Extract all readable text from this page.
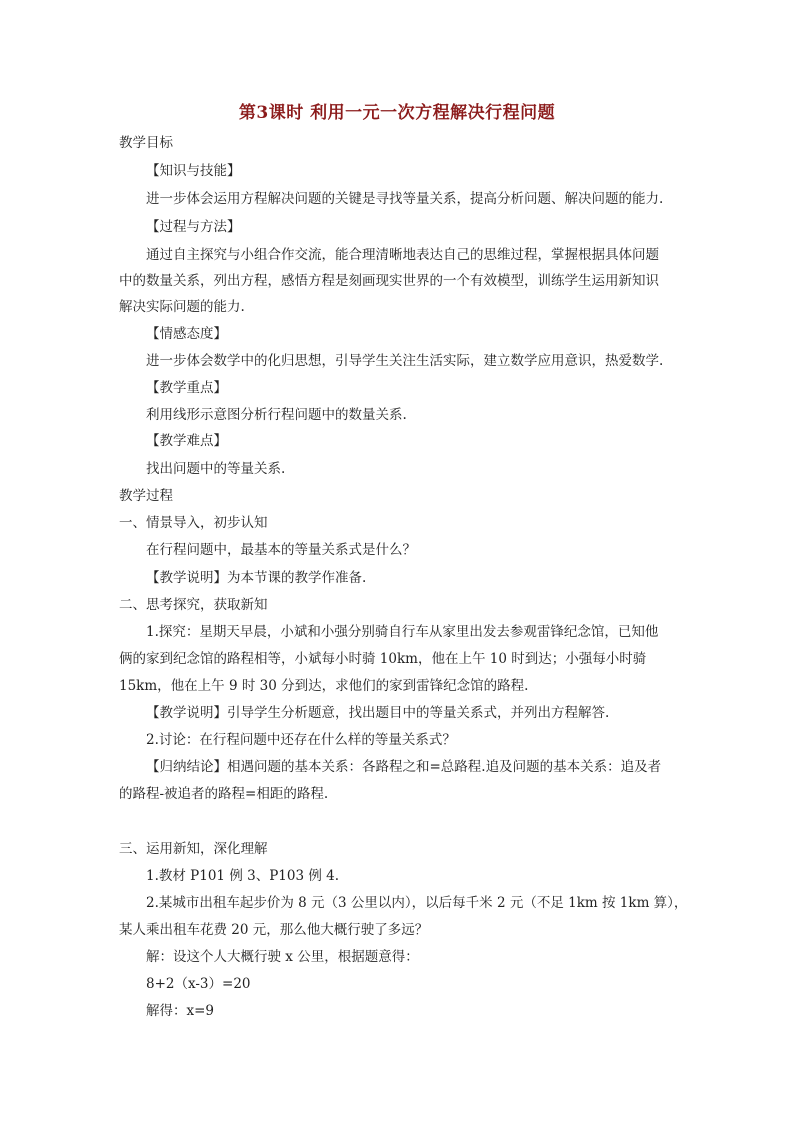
第3课时 利用一元一次方程解决行程问题
教学目标
【知识与技能】
进一步体会运用方程解决问题的关键是寻找等量关系，提高分析问题、解决问题的能力.
【过程与方法】
通过自主探究与小组合作交流，能合理清晰地表达自己的思维过程，掌握根据具体问题
中的数量关系，列出方程，感悟方程是刻画现实世界的一个有效模型，训练学生运用新知识
解决实际问题的能力.
【情感态度】
进一步体会数学中的化归思想，引导学生关注生活实际，建立数学应用意识，热爱数学.
【教学重点】
利用线形示意图分析行程问题中的数量关系.
【教学难点】
找出问题中的等量关系.
教学过程
一、情景导入，初步认知
在行程问题中，最基本的等量关系式是什么？
【教学说明】为本节课的教学作准备.
二、思考探究，获取新知
1.探究：星期天早晨，小斌和小强分别骑自行车从家里出发去参观雷锋纪念馆，已知他
俩的家到纪念馆的路程相等，小斌每小时骑 10km，他在上午 10 时到达；小强每小时骑
15km，他在上午 9 时 30 分到达，求他们的家到雷锋纪念馆的路程.
【教学说明】引导学生分析题意，找出题目中的等量关系式，并列出方程解答.
2.讨论：在行程问题中还存在什么样的等量关系式？
【归纳结论】相遇问题的基本关系：各路程之和=总路程.追及问题的基本关系：追及者
的路程-被追者的路程=相距的路程.
三、运用新知，深化理解
1.教材 P101 例 3、P103 例 4.
2.某城市出租车起步价为 8 元（3 公里以内），以后每千米 2 元（不足 1km 按 1km 算），
某人乘出租车花费 20 元，那么他大概行驶了多远？
解：设这个人大概行驶 x 公里，根据题意得：
8+2（x-3）=20
解得：x=9
